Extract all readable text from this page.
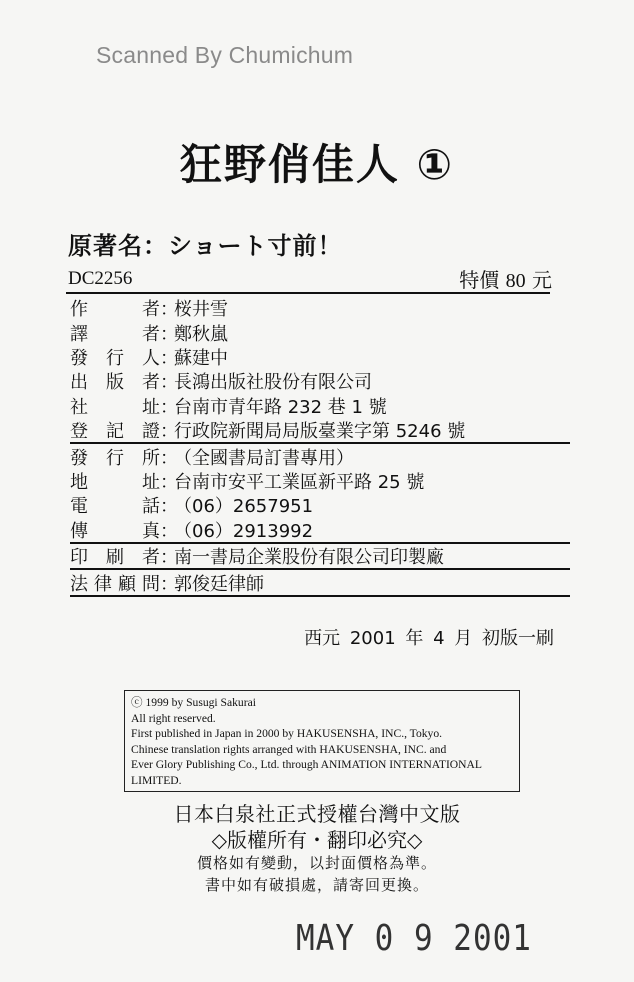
Scanned By Chumichum
狂野俏佳人 ①
原著名：ショート寸前！
DC2256	特價 80 元
作	者 ：
桜井雪
譯	者 ：
鄭秋嵐
發 行 人 ：
蘇建中
出 版 者 ：
長鴻出版社股份有限公司
社	址 ：
台南市青年路 232 巷 1 號
登 記 證 ：
行政院新聞局局版臺業字第 5246 號
發 行 所 ：
（全國書局訂書專用）
地	址 ：
台南市安平工業區新平路 25 號
電	話 ：
（06）2657951
傳	真 ：
（06）2913992
印 刷 者 ：
南一書局企業股份有限公司印製廠
法 律 顧 問 ：
郭俊廷律師
西元 2001 年 4 月 初版一刷
ⓒ 1999 by Susugi Sakurai
All right reserved.
First published in Japan in 2000 by HAKUSENSHA, INC., Tokyo.
Chinese translation rights arranged with HAKUSENSHA, INC. and
Ever Glory Publishing Co., Ltd. through ANIMATION INTERNATIONAL
LIMITED.
日本白泉社正式授權台灣中文版
◇版權所有・翻印必究◇
價格如有變動，以封面價格為準。
書中如有破損處，請寄回更換。
MAY 0 9 2001
